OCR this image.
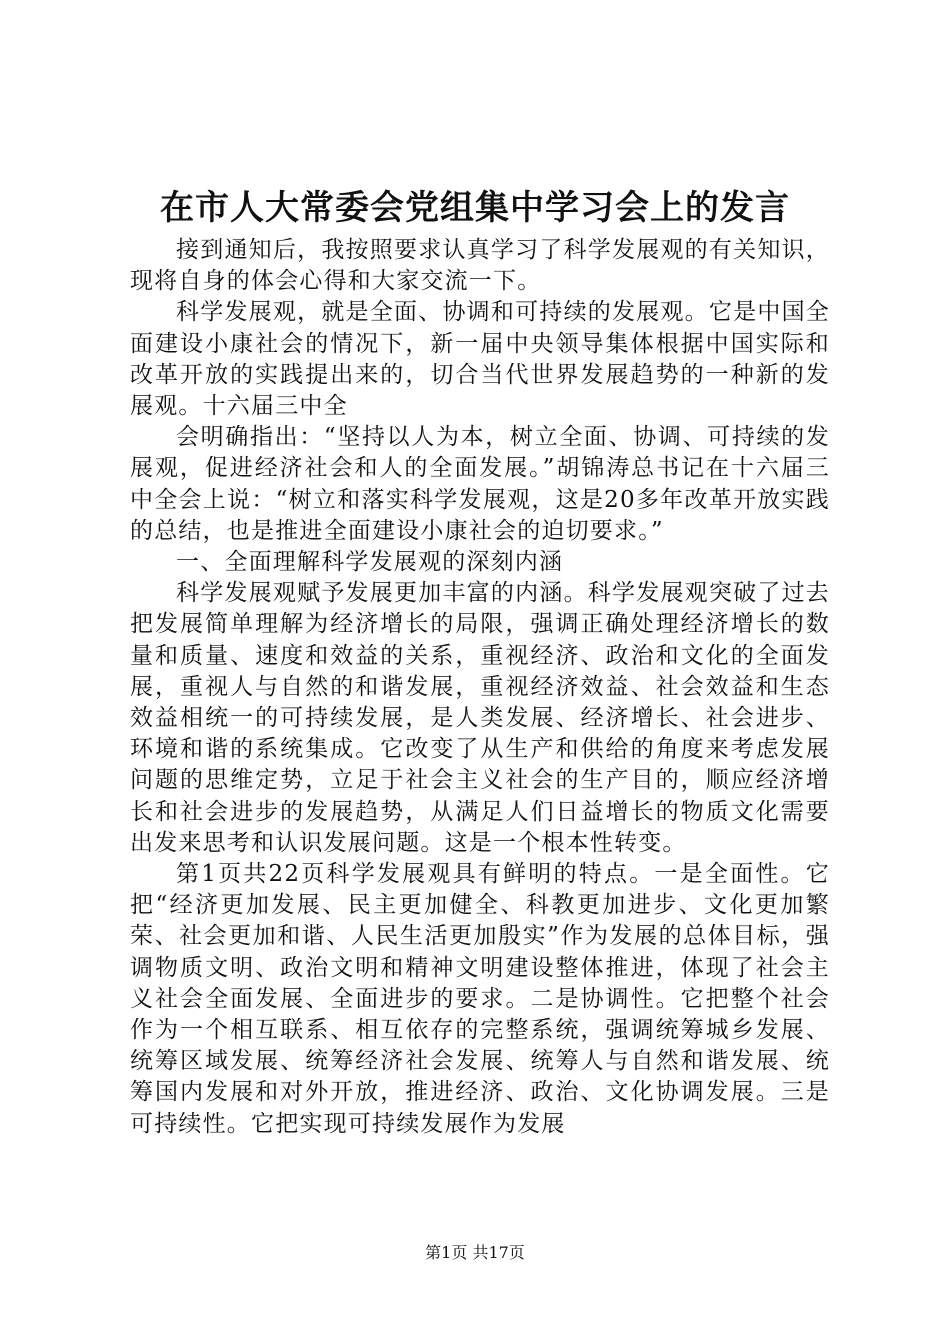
在市人大常委会党组集中学习会上的发言

接到通知后，我按照要求认真学习了科学发展观的有关知识，现将自身的体会心得和大家交流一下。

科学发展观，就是全面、协调和可持续的发展观。它是中国全面建设小康社会的情况下，新一届中央领导集体根据中国实际和改革开放的实践提出来的，切合当代世界发展趋势的一种新的发展观。十六届三中全

会明确指出：“坚持以人为本，树立全面、协调、可持续的发展观，促进经济社会和人的全面发展。”胡锦涛总书记在十六届三中全会上说：“树立和落实科学发展观，这是20多年改革开放实践的总结，也是推进全面建设小康社会的迫切要求。”

一、全面理解科学发展观的深刻内涵

科学发展观赋予发展更加丰富的内涵。科学发展观突破了过去把发展简单理解为经济增长的局限，强调正确处理经济增长的数量和质量、速度和效益的关系，重视经济、政治和文化的全面发展，重视人与自然的和谐发展，重视经济效益、社会效益和生态效益相统一的可持续发展，是人类发展、经济增长、社会进步、环境和谐的系统集成。它改变了从生产和供给的角度来考虑发展问题的思维定势，立足于社会主义社会的生产目的，顺应经济增长和社会进步的发展趋势，从满足人们日益增长的物质文化需要出发来思考和认识发展问题。这是一个根本性转变。

第1页共22页科学发展观具有鲜明的特点。一是全面性。它把“经济更加发展、民主更加健全、科教更加进步、文化更加繁荣、社会更加和谐、人民生活更加殷实”作为发展的总体目标，强调物质文明、政治文明和精神文明建设整体推进，体现了社会主义社会全面发展、全面进步的要求。二是协调性。它把整个社会作为一个相互联系、相互依存的完整系统，强调统筹城乡发展、统筹区域发展、统筹经济社会发展、统筹人与自然和谐发展、统筹国内发展和对外开放，推进经济、政治、文化协调发展。三是可持续性。它把实现可持续发展作为发展

第1页 共17页
